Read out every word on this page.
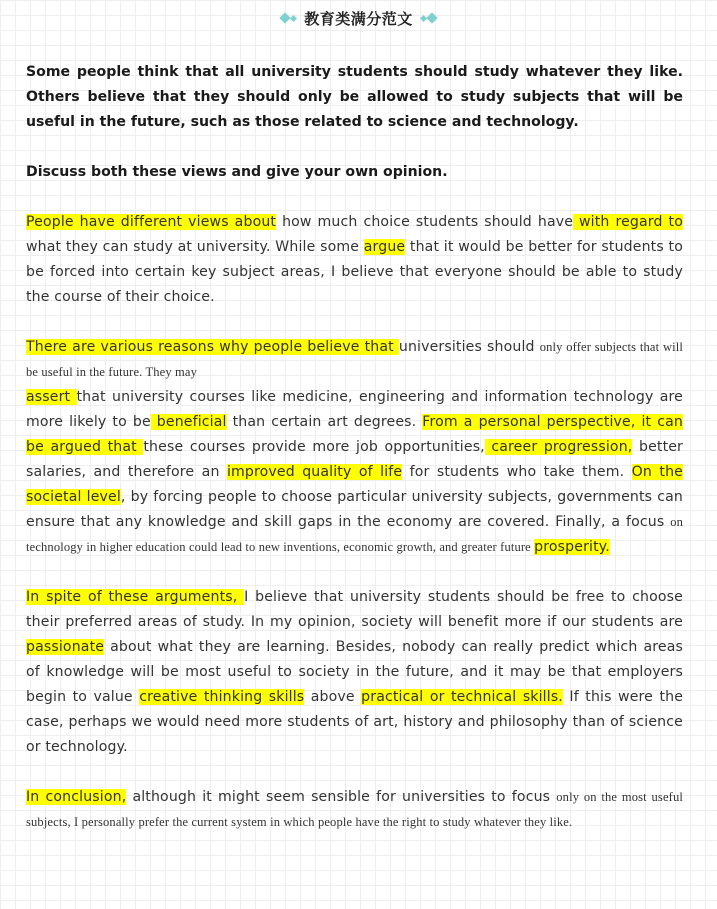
教育类满分范文

Some people think that all university students should study whatever they like. Others believe that they should only be allowed to study subjects that will be useful in the future, such as those related to science and technology.

Discuss both these views and give your own opinion.

People have different views about how much choice students should have with regard to what they can study at university. While some argue that it would be better for students to be forced into certain key subject areas, I believe that everyone should be able to study the course of their choice.

There are various reasons why people believe that universities should only offer subjects that will be useful in the future. They may

assert that university courses like medicine, engineering and information technology are more likely to be beneficial than certain art degrees. From a personal perspective, it can be argued that these courses provide more job opportunities, career progression, better salaries, and therefore an improved quality of life for students who take them. On the societal level, by forcing people to choose particular university subjects, governments can ensure that any knowledge and skill gaps in the economy are covered. Finally, a focus on technology in higher education could lead to new inventions, economic growth, and greater future prosperity.

In spite of these arguments, I believe that university students should be free to choose their preferred areas of study. In my opinion, society will benefit more if our students are passionate about what they are learning. Besides, nobody can really predict which areas of knowledge will be most useful to society in the future, and it may be that employers begin to value creative thinking skills above practical or technical skills. If this were the case, perhaps we would need more students of art, history and philosophy than of science or technology.

In conclusion, although it might seem sensible for universities to focus only on the most useful subjects, I personally prefer the current system in which people have the right to study whatever they like.
